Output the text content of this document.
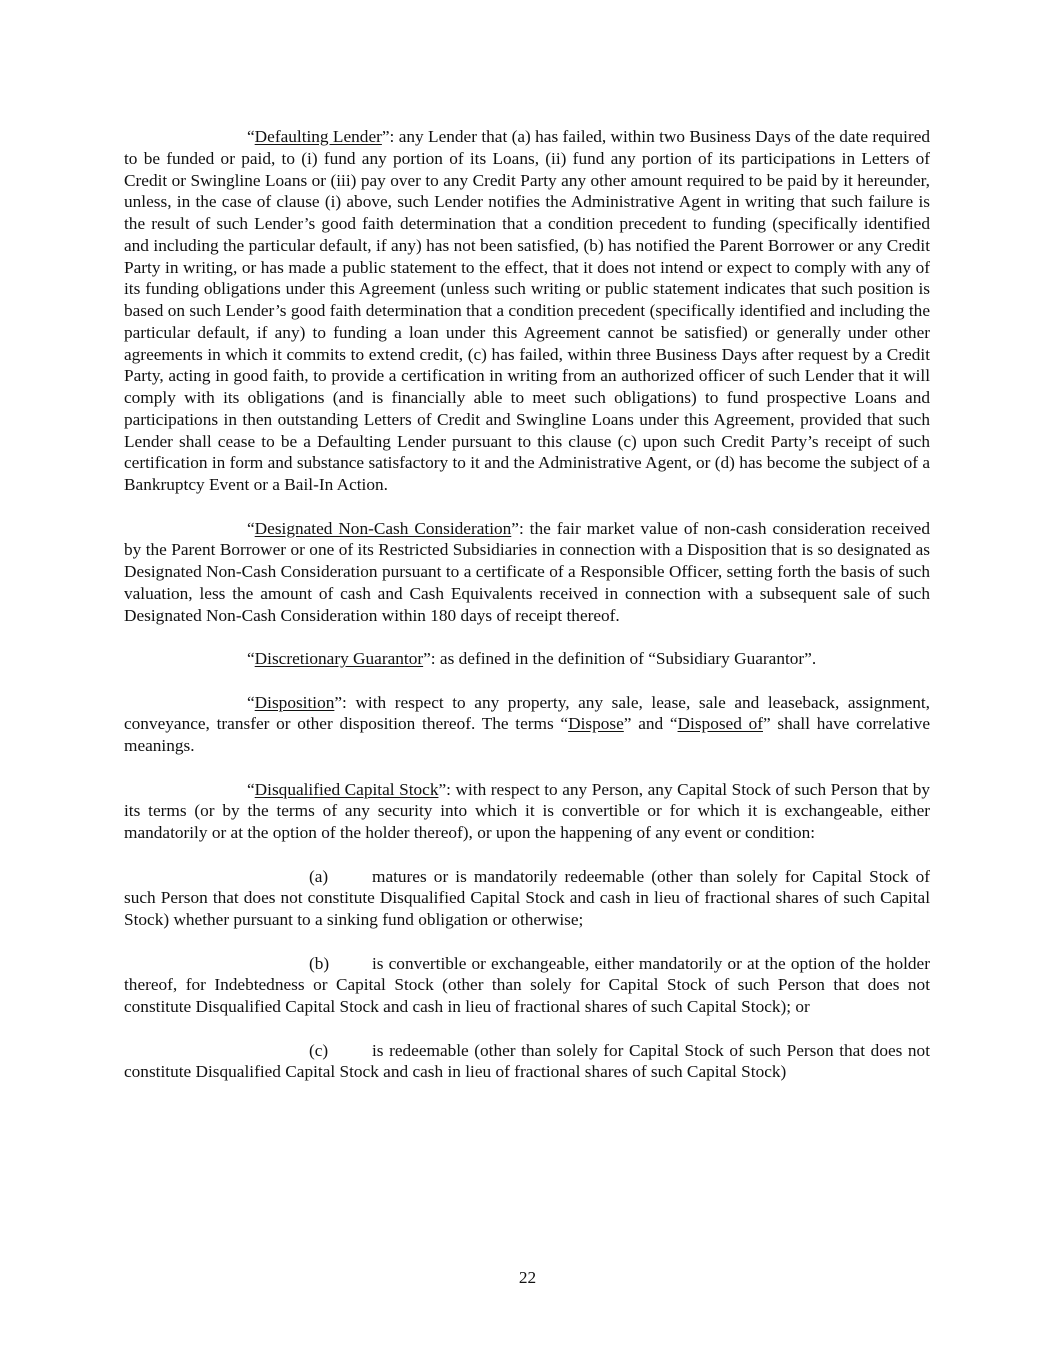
“Defaulting Lender”: any Lender that (a) has failed, within two Business Days of the date required to be funded or paid, to (i) fund any portion of its Loans, (ii) fund any portion of its participations in Letters of Credit or Swingline Loans or (iii) pay over to any Credit Party any other amount required to be paid by it hereunder, unless, in the case of clause (i) above, such Lender notifies the Administrative Agent in writing that such failure is the result of such Lender’s good faith determination that a condition precedent to funding (specifically identified and including the particular default, if any) has not been satisfied, (b) has notified the Parent Borrower or any Credit Party in writing, or has made a public statement to the effect, that it does not intend or expect to comply with any of its funding obligations under this Agreement (unless such writing or public statement indicates that such position is based on such Lender’s good faith determination that a condition precedent (specifically identified and including the particular default, if any) to funding a loan under this Agreement cannot be satisfied) or generally under other agreements in which it commits to extend credit, (c) has failed, within three Business Days after request by a Credit Party, acting in good faith, to provide a certification in writing from an authorized officer of such Lender that it will comply with its obligations (and is financially able to meet such obligations) to fund prospective Loans and participations in then outstanding Letters of Credit and Swingline Loans under this Agreement, provided that such Lender shall cease to be a Defaulting Lender pursuant to this clause (c) upon such Credit Party’s receipt of such certification in form and substance satisfactory to it and the Administrative Agent, or (d) has become the subject of a Bankruptcy Event or a Bail-In Action.

“Designated Non-Cash Consideration”: the fair market value of non-cash consideration received by the Parent Borrower or one of its Restricted Subsidiaries in connection with a Disposition that is so designated as Designated Non-Cash Consideration pursuant to a certificate of a Responsible Officer, setting forth the basis of such valuation, less the amount of cash and Cash Equivalents received in connection with a subsequent sale of such Designated Non-Cash Consideration within 180 days of receipt thereof.

“Discretionary Guarantor”: as defined in the definition of “Subsidiary Guarantor”.

“Disposition”: with respect to any property, any sale, lease, sale and leaseback, assignment, conveyance, transfer or other disposition thereof. The terms “Dispose” and “Disposed of” shall have correlative meanings.

“Disqualified Capital Stock”: with respect to any Person, any Capital Stock of such Person that by its terms (or by the terms of any security into which it is convertible or for which it is exchangeable, either mandatorily or at the option of the holder thereof), or upon the happening of any event or condition:

(a)	matures or is mandatorily redeemable (other than solely for Capital Stock of such Person that does not constitute Disqualified Capital Stock and cash in lieu of fractional shares of such Capital Stock) whether pursuant to a sinking fund obligation or otherwise;

(b) is convertible or exchangeable, either mandatorily or at the option of the holder thereof, for Indebtedness or Capital Stock (other than solely for Capital Stock of such Person that does not constitute Disqualified Capital Stock and cash in lieu of fractional shares of such Capital Stock); or

(c)	is redeemable (other than solely for Capital Stock of such Person that does not constitute Disqualified Capital Stock and cash in lieu of fractional shares of such Capital Stock)

22
